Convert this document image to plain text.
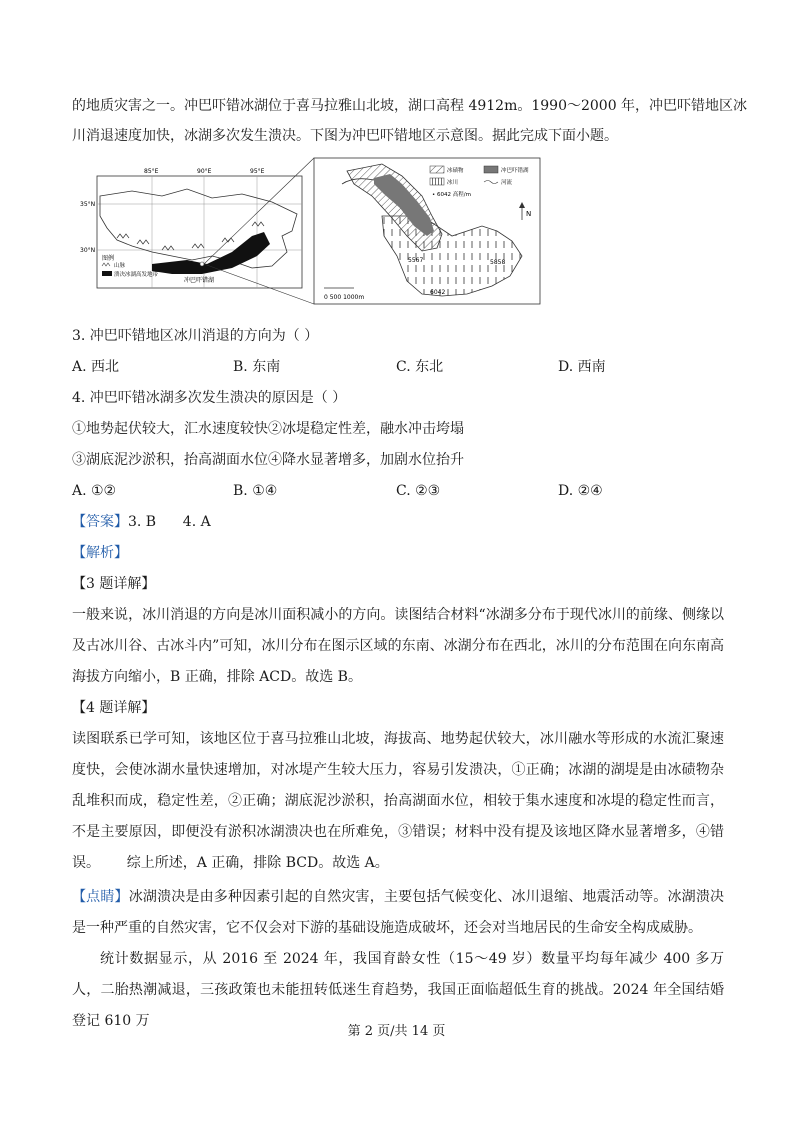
的地质灾害之一。冲巴吓错冰湖位于喜马拉雅山北坡，湖口高程 4912m。1990～2000 年，冲巴吓错地区冰
川消退速度加快，冰湖多次发生溃决。下图为冲巴吓错地区示意图。据此完成下面小题。
85°E	90°E	95°E
35°N
30°N
图例
山脉
溃决冰湖高发地带
冲巴吓错湖
5567	5858
6042
冰碛物	冲巴吓错湖
冰川	河流
• 6042 高程/m
N
0 500 1000m
3. 冲巴吓错地区冰川消退的方向为（ ）
A. 西北	B. 东南	C. 东北	D. 西南
4. 冲巴吓错冰湖多次发生溃决的原因是（ ）
①地势起伏较大，汇水速度较快②冰堤稳定性差，融水冲击垮塌
③湖底泥沙淤积，抬高湖面水位④降水显著增多，加剧水位抬升
A. ①②	B. ①④	C. ②③	D. ②④
【答案】3. B      4. A
【解析】
【3 题详解】
一般来说，冰川消退的方向是冰川面积减小的方向。读图结合材料“冰湖多分布于现代冰川的前缘、侧缘以及古冰川谷、古冰斗内”可知，冰川分布在图示区域的东南、冰湖分布在西北，冰川的分布范围在向东南高海拔方向缩小，B 正确，排除 ACD。故选 B。
【4 题详解】
读图联系已学可知，该地区位于喜马拉雅山北坡，海拔高、地势起伏较大，冰川融水等形成的水流汇聚速度快，会使冰湖水量快速增加，对冰堤产生较大压力，容易引发溃决，①正确；冰湖的湖堤是由冰碛物杂乱堆积而成，稳定性差，②正确；湖底泥沙淤积，抬高湖面水位，相较于集水速度和冰堤的稳定性而言，不是主要原因，即便没有淤积冰湖溃决也在所难免，③错误；材料中没有提及该地区降水显著增多，④错误。      综上所述，A 正确，排除 BCD。故选 A。
【点睛】冰湖溃决是由多种因素引起的自然灾害，主要包括气候变化、冰川退缩、地震活动等。冰湖溃决是一种严重的自然灾害，它不仅会对下游的基础设施造成破坏，还会对当地居民的生命安全构成威胁。
统计数据显示，从 2016 至 2024 年，我国育龄女性（15～49 岁）数量平均每年减少 400 多万人，二胎热潮减退，三孩政策也未能扭转低迷生育趋势，我国正面临超低生育的挑战。2024 年全国结婚登记 610 万
第 2 页/共 14 页
